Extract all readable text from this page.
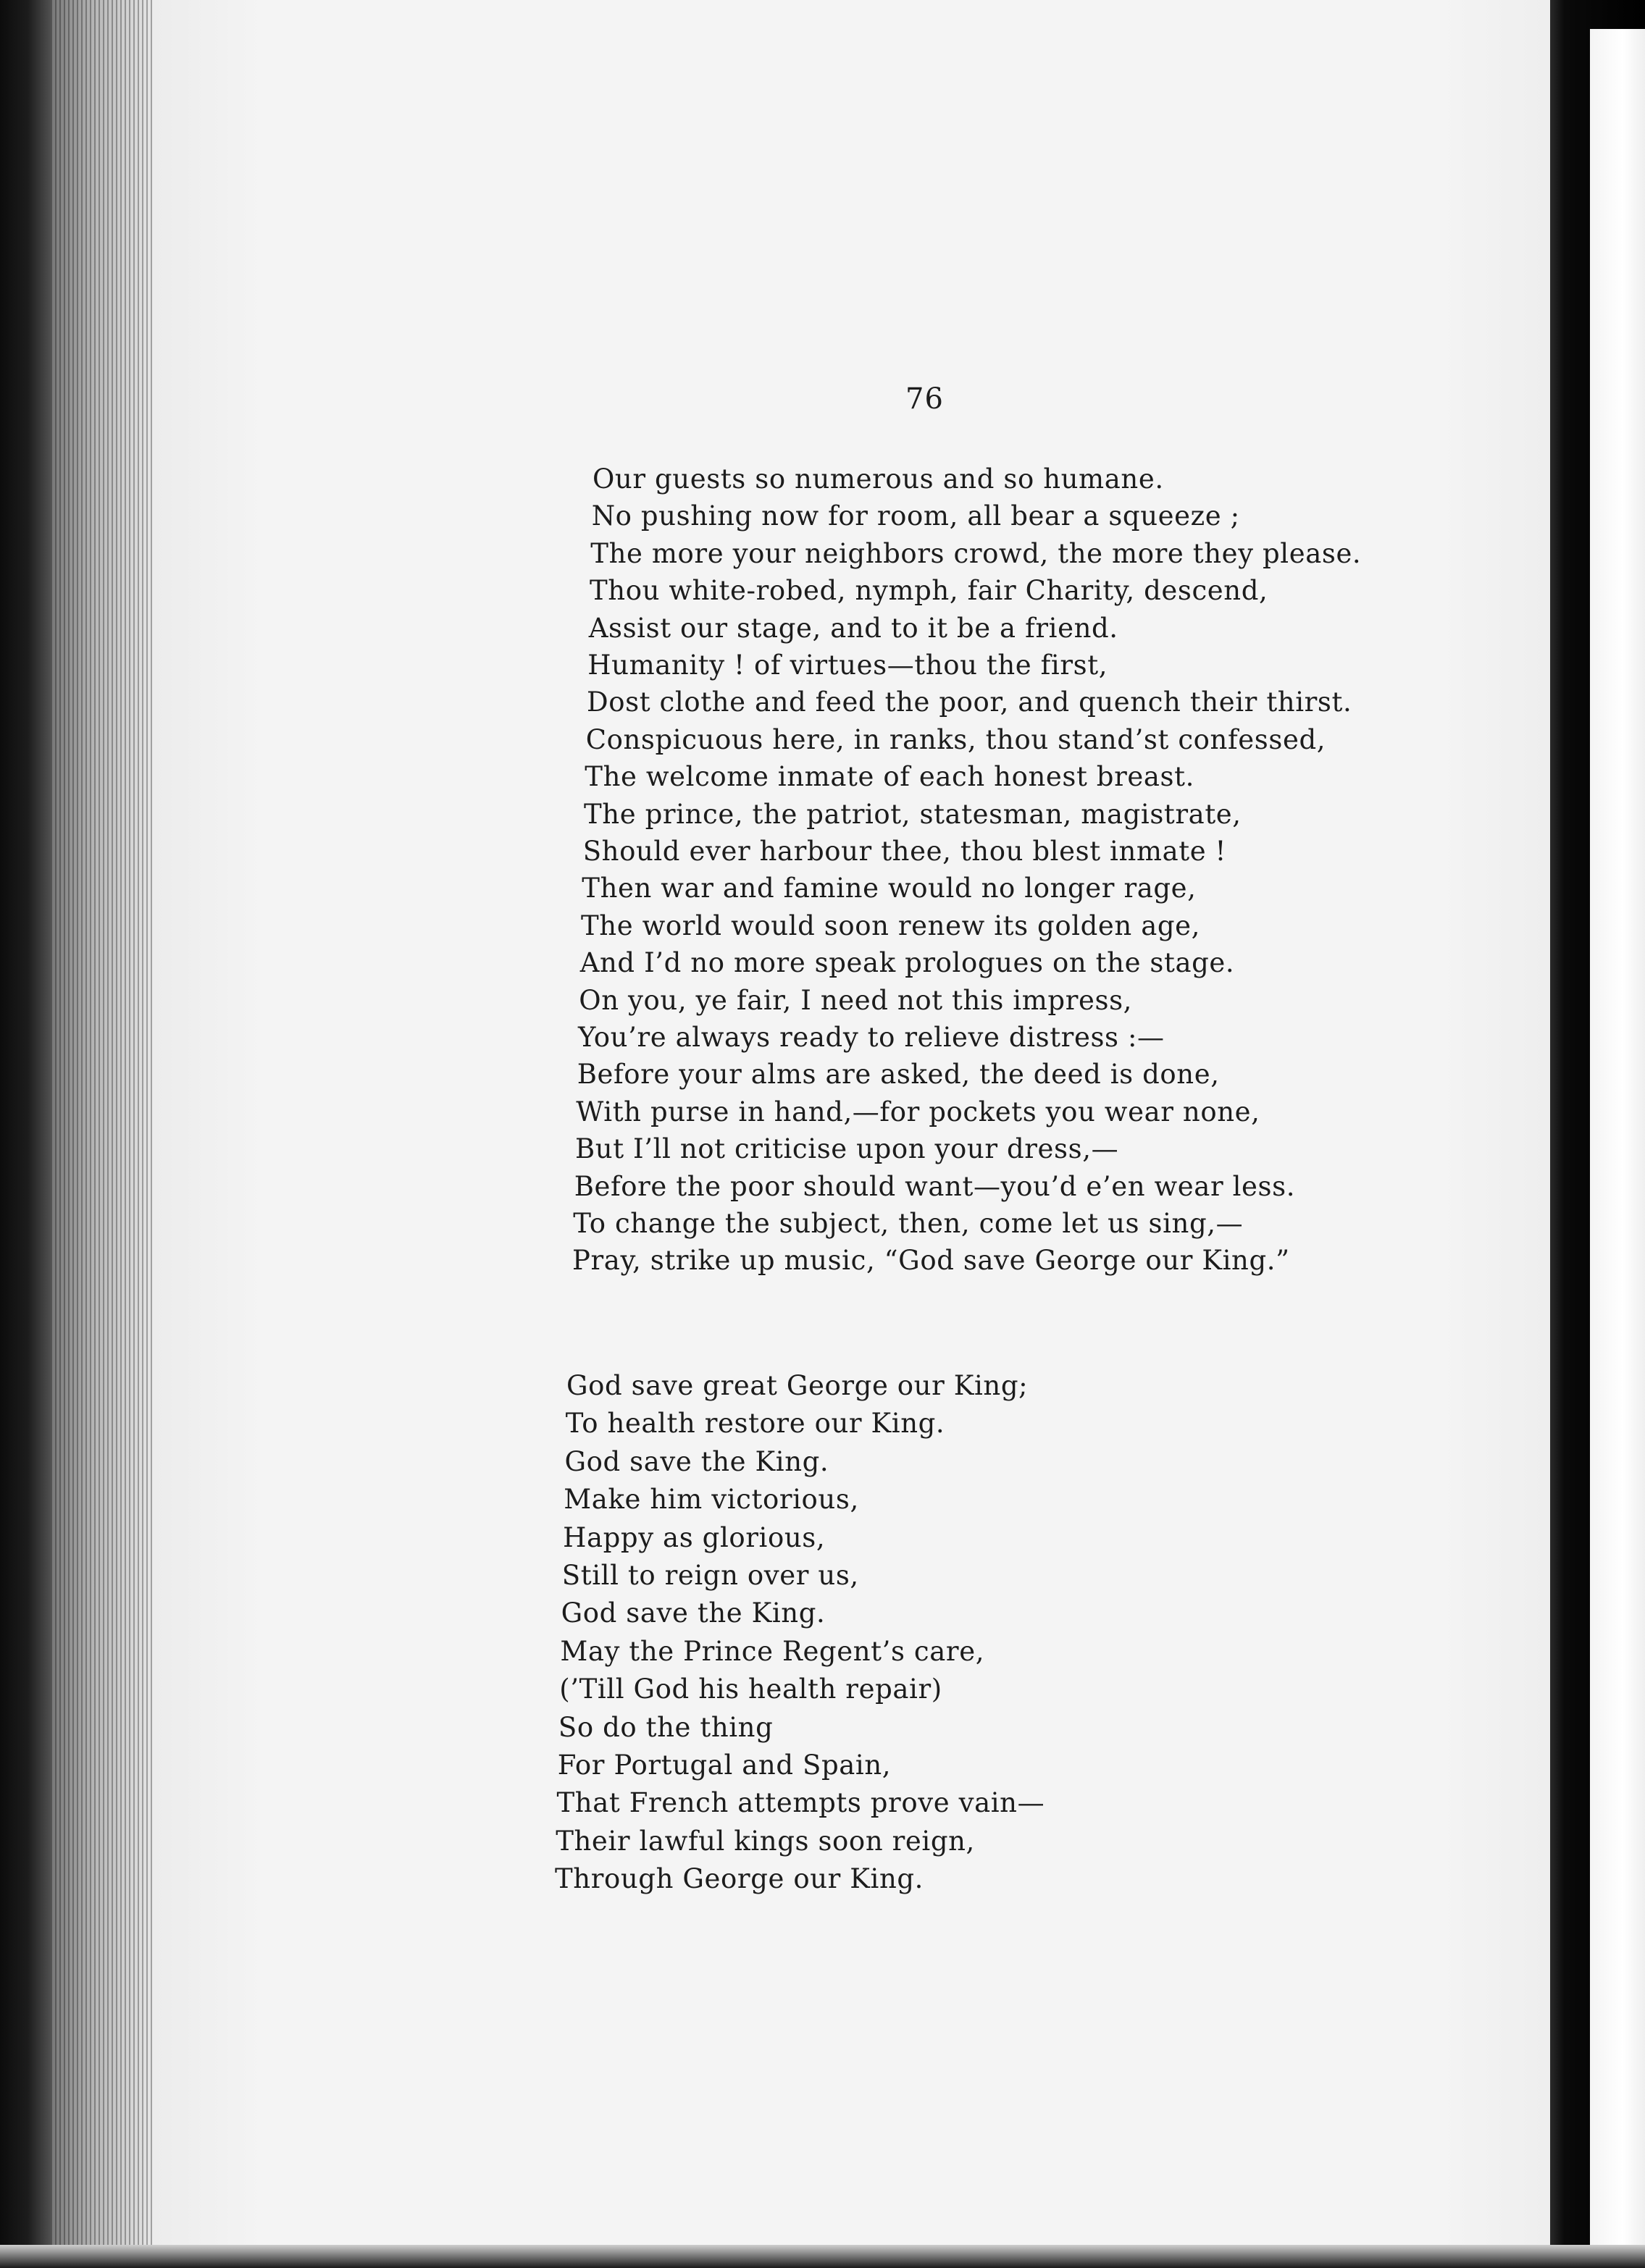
76
Our guests so numerous and so humane.
No pushing now for room, all bear a squeeze ;
The more your neighbors crowd, the more they please.
Thou white-robed, nymph, fair Charity, descend,
Assist our stage, and to it be a friend.
Humanity ! of virtues—thou the first,
Dost clothe and feed the poor, and quench their thirst.
Conspicuous here, in ranks, thou stand’st confessed,
The welcome inmate of each honest breast.
The prince, the patriot, statesman, magistrate,
Should ever harbour thee, thou blest inmate !
Then war and famine would no longer rage,
The world would soon renew its golden age,
And I’d no more speak prologues on the stage.
On you, ye fair, I need not this impress,
You’re always ready to relieve distress :—
Before your alms are asked, the deed is done,
With purse in hand,—for pockets you wear none,
But I’ll not criticise upon your dress,—
Before the poor should want—you’d e’en wear less.
To change the subject, then, come let us sing,—
Pray, strike up music, “God save George our King.”
God save great George our King;
To health restore our King.
God save the King.
Make him victorious,
Happy as glorious,
Still to reign over us,
God save the King.
May the Prince Regent’s care,
(’Till God his health repair)
So do the thing
For Portugal and Spain,
That French attempts prove vain—
Their lawful kings soon reign,
Through George our King.
